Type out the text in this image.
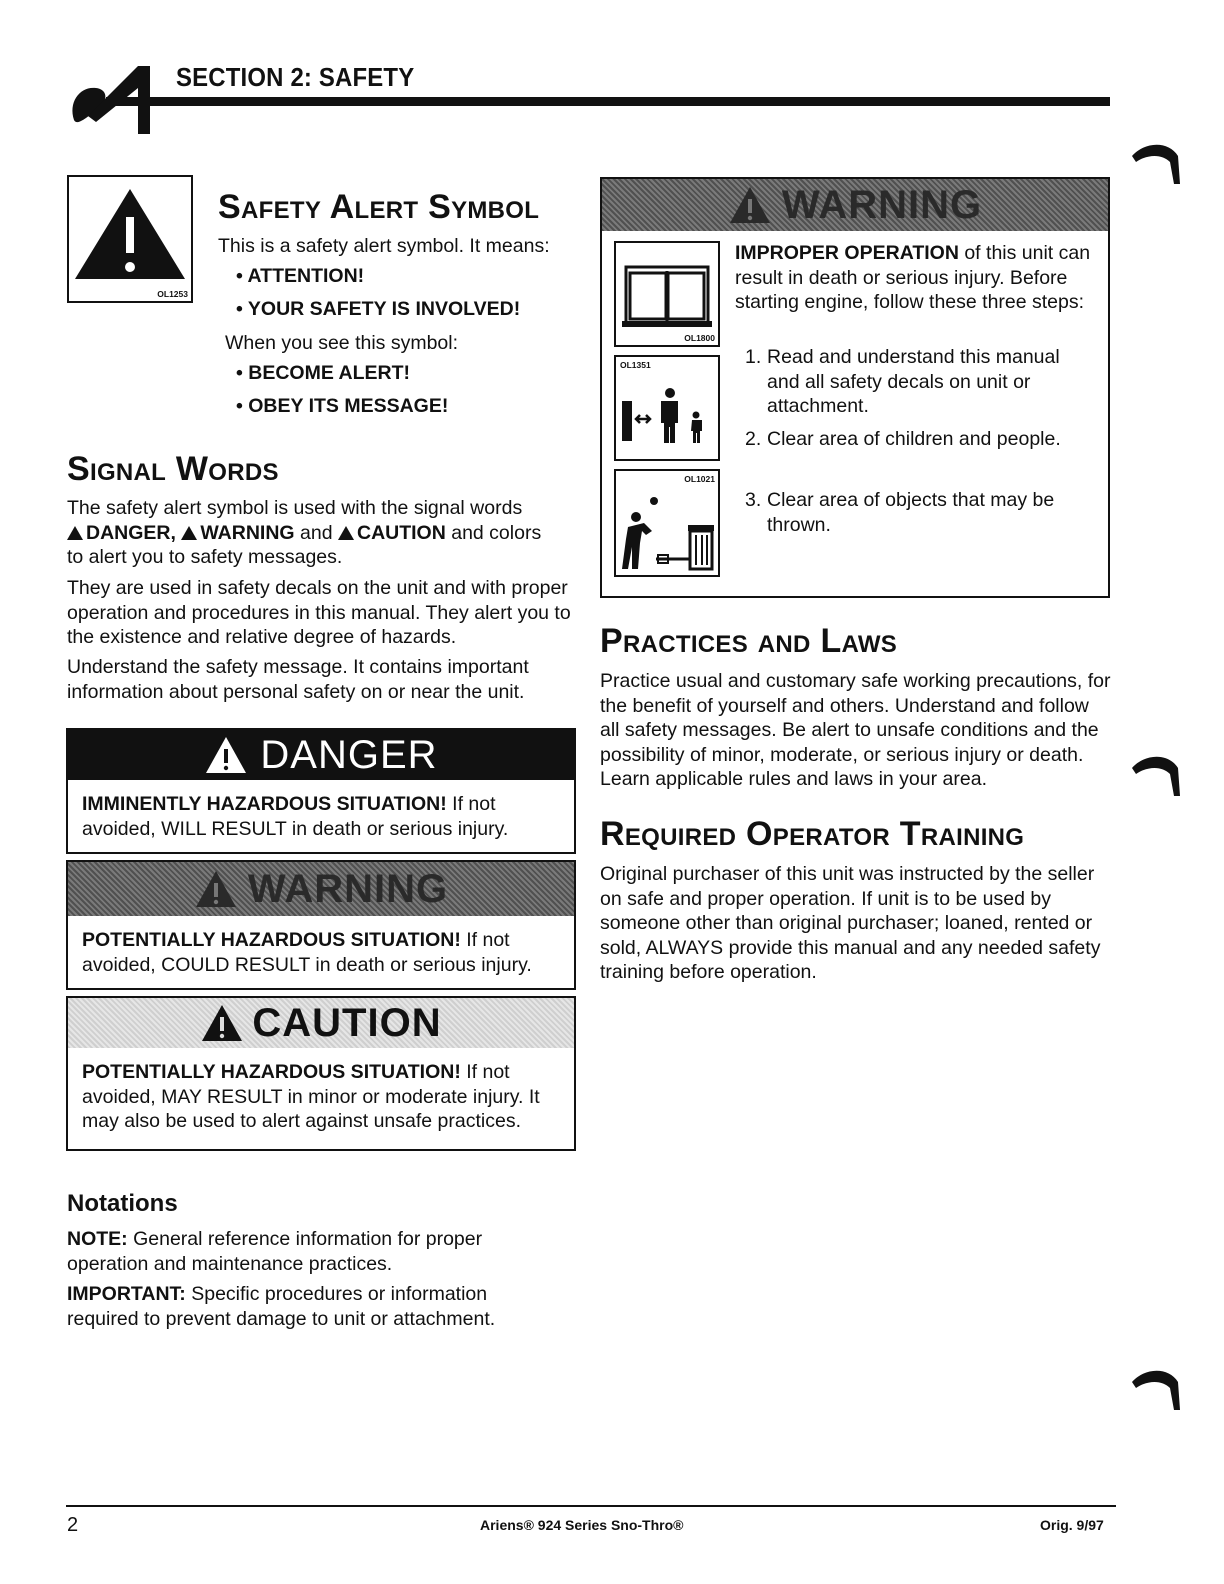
SECTION 2: SAFETY
OL1253
Safety Alert Symbol
This is a safety alert symbol. It means:
• ATTENTION!
• YOUR SAFETY IS INVOLVED!
When you see this symbol:
• BECOME ALERT!
• OBEY ITS MESSAGE!
Signal Words

The safety alert symbol is used with the signal words

DANGER, WARNING and CAUTION and colors

to alert you to safety messages.

They are used in safety decals on the unit and with proper operation and procedures in this manual. They alert you to the existence and relative degree of hazards.
Understand the safety message. It contains important information about personal safety on or near the unit.
DANGER
IMMINENTLY HAZARDOUS SITUATION! If not avoided, WILL RESULT in death or serious injury.
WARNING
POTENTIALLY HAZARDOUS SITUATION! If not avoided, COULD RESULT in death or serious injury.
CAUTION
POTENTIALLY HAZARDOUS SITUATION! If not avoided, MAY RESULT in minor or moderate injury. It may also be used to alert against unsafe practices.
Notations
NOTE: General reference information for proper operation and maintenance practices.
IMPORTANT: Specific procedures or information required to prevent damage to unit or attachment.
WARNING
OL1800
OL1351
OL1021
IMPROPER OPERATION of this unit can result in death or serious injury. Before starting engine, follow these three steps:
1. Read and understand this manual and all safety decals on unit or attachment.
2. Clear area of children and people.
3. Clear area of objects that may be thrown.
Practices and Laws
Practice usual and customary safe working precautions, for the benefit of yourself and others. Understand and follow all safety messages. Be alert to unsafe conditions and the possibility of minor, moderate, or serious injury or death. Learn applicable rules and laws in your area.
Required Operator Training
Original purchaser of this unit was instructed by the seller on safe and proper operation. If unit is to be used by someone other than original purchaser; loaned, rented or sold, ALWAYS provide this manual and any needed safety training before operation.
2	Ariens® 924 Series Sno-Thro®	Orig. 9/97
